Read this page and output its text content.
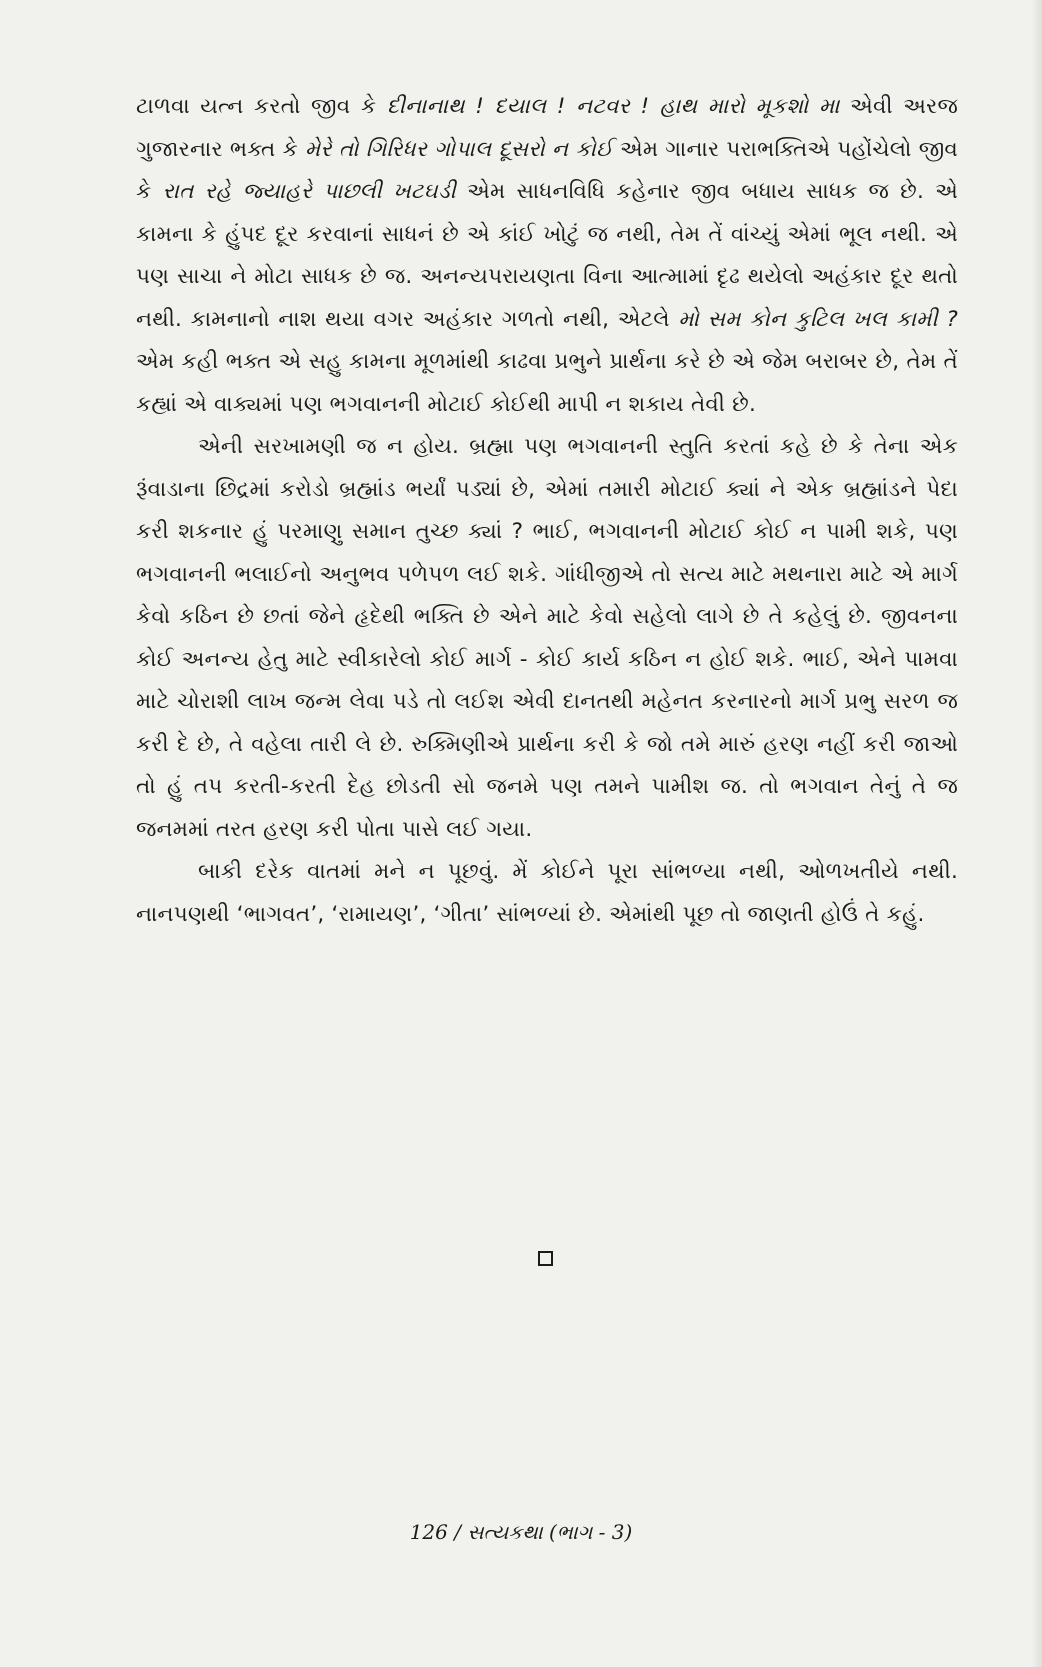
ટાળવા યત્ન કરતો જીવ કે દીનાનાથ ! દયાલ ! નટવર ! હાથ મારો મૂકશો મા એવી અરજ ગુજારનાર ભક્ત કે મેરે તો ગિરિધર ગોપાલ દૂસરો ન કોઈ એમ ગાનાર પરાભક્તિએ પહોંચેલો જીવ કે રાત રહે જ્યાહરે પાછલી ખટઘડી એમ સાધનવિધિ કહેનાર જીવ બધાય સાધક જ છે. એ કામના કે હુંપદ દૂર કરવાનાં સાધનં છે એ કાંઈ ખોટું જ નથી, તેમ તેં વાંચ્યું એમાં ભૂલ નથી. એ પણ સાચા ને મોટા સાધક છે જ. અનન્યપરાયણતા વિના આત્મામાં દૃઢ થયેલો અહંકાર દૂર થતો નથી. કામનાનો નાશ થયા વગર અહંકાર ગળતો નથી, એટલે મો સમ કોન કુટિલ ખલ કામી ? એમ કહી ભક્ત એ સહુ કામના મૂળમાંથી કાઢવા પ્રભુને પ્રાર્થના કરે છે એ જેમ બરાબર છે, તેમ તેં કહ્યાં એ વાક્યમાં પણ ભગવાનની મોટાઈ કોઈથી માપી ન શકાય તેવી છે.

એની સરખામણી જ ન હોય. બ્રહ્મા પણ ભગવાનની સ્તુતિ કરતાં કહે છે કે તેના એક રૂંવાડાના છિદ્રમાં કરોડો બ્રહ્માંડ ભર્યાં પડ્યાં છે, એમાં તમારી મોટાઈ ક્યાં ને એક બ્રહ્માંડને પેદા કરી શકનાર હું પરમાણુ સમાન તુચ્છ ક્યાં ? ભાઈ, ભગવાનની મોટાઈ કોઈ ન પામી શકે, પણ ભગવાનની ભલાઈનો અનુભવ પળેપળ લઈ શકે. ગાંધીજીએ તો સત્ય માટે મથનારા માટે એ માર્ગ કેવો કઠિન છે છતાં જેને હૃદેથી ભક્તિ છે એને માટે કેવો સહેલો લાગે છે તે કહેલું છે. જીવનના કોઈ અનન્ય હેતુ માટે સ્વીકારેલો કોઈ માર્ગ - કોઈ કાર્ય કઠિન ન હોઈ શકે. ભાઈ, એને પામવા માટે ચોરાશી લાખ જન્મ લેવા પડે તો લઈશ એવી દાનતથી મહેનત કરનારનો માર્ગ પ્રભુ સરળ જ કરી દે છે, તે વહેલા તારી લે છે. રુક્મિણીએ પ્રાર્થના કરી કે જો તમે મારું હરણ નહીં કરી જાઓ તો હું તપ કરતી-કરતી દેહ છોડતી સો જનમે પણ તમને પામીશ જ. તો ભગવાન તેનું તે જ જનમમાં તરત હરણ કરી પોતા પાસે લઈ ગયા.

બાકી દરેક વાતમાં મને ન પૂછવું. મેં કોઈને પૂરા સાંભળ્યા નથી, ઓળખતીયે નથી. નાનપણથી ‘ભાગવત’, ‘રામાયણ’, ‘ગીતા’ સાંભળ્યાં છે. એમાંથી પૂછ તો જાણતી હોઉં તે કહું.

126 / સત્યકથા (ભાગ - 3)
